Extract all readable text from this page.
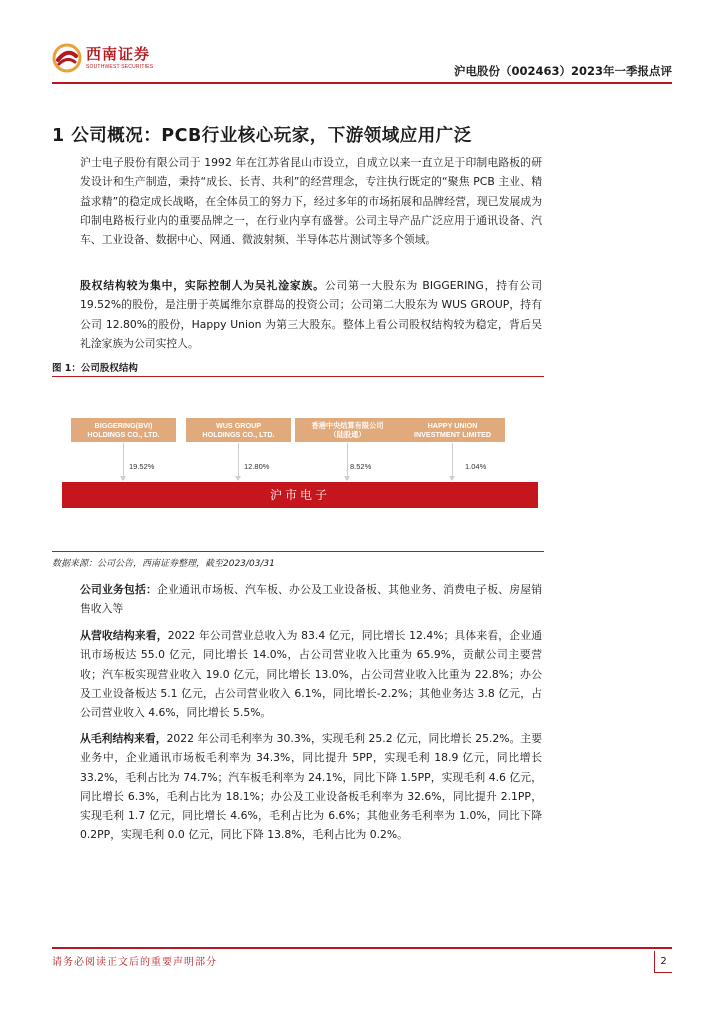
西南证券
SOUTHWEST SECURITIES	沪电股份（002463）2023年一季报点评
1 公司概况：PCB行业核心玩家，下游领域应用广泛
沪士电子股份有限公司于 1992 年在江苏省昆山市设立，自成立以来一直立足于印制电路板的研发设计和生产制造，秉持“成长、长青、共利”的经营理念，专注执行既定的“聚焦 PCB 主业、精益求精”的稳定成长战略，在全体员工的努力下，经过多年的市场拓展和品牌经营，现已发展成为印制电路板行业内的重要品牌之一，在行业内享有盛誉。公司主导产品广泛应用于通讯设备、汽车、工业设备、数据中心、网通、微波射频、半导体芯片测试等多个领域。
股权结构较为集中，实际控制人为吴礼淦家族。公司第一大股东为 BIGGERING，持有公司 19.52%的股份，是注册于英属维尔京群岛的投资公司；公司第二大股东为 WUS GROUP，持有公司 12.80%的股份，Happy Union 为第三大股东。整体上看公司股权结构较为稳定，背后吴礼淦家族为公司实控人。
图 1：公司股权结构
BIGGERING(BVI)
HOLDINGS CO., LTD.
WUS GROUP
HOLDINGS CO., LTD.
香港中央结算有限公司
（陆股通）
HAPPY UNION
INVESTMENT LIMITED
19.52%	12.80%	8.52%	1.04%
沪市电子
数据来源：公司公告，西南证券整理，截至2023/03/31
公司业务包括：企业通讯市场板、汽车板、办公及工业设备板、其他业务、消费电子板、房屋销售收入等
从营收结构来看，2022 年公司营业总收入为 83.4 亿元，同比增长 12.4%；具体来看，企业通讯市场板达 55.0 亿元，同比增长 14.0%，占公司营业收入比重为 65.9%，贡献公司主要营收；汽车板实现营业收入 19.0 亿元，同比增长 13.0%，占公司营业收入比重为 22.8%；办公及工业设备板达 5.1 亿元，占公司营业收入 6.1%，同比增长-2.2%；其他业务达 3.8 亿元，占公司营业收入 4.6%，同比增长 5.5%。
从毛利结构来看，2022 年公司毛利率为 30.3%，实现毛利 25.2 亿元，同比增长 25.2%。主要业务中，企业通讯市场板毛利率为 34.3%，同比提升 5PP，实现毛利 18.9 亿元，同比增长 33.2%，毛利占比为 74.7%；汽车板毛利率为 24.1%，同比下降 1.5PP，实现毛利 4.6 亿元，同比增长 6.3%，毛利占比为 18.1%；办公及工业设备板毛利率为 32.6%，同比提升 2.1PP，实现毛利 1.7 亿元，同比增长 4.6%，毛利占比为 6.6%；其他业务毛利率为 1.0%，同比下降 0.2PP，实现毛利 0.0 亿元，同比下降 13.8%，毛利占比为 0.2%。
请务必阅读正文后的重要声明部分	2
